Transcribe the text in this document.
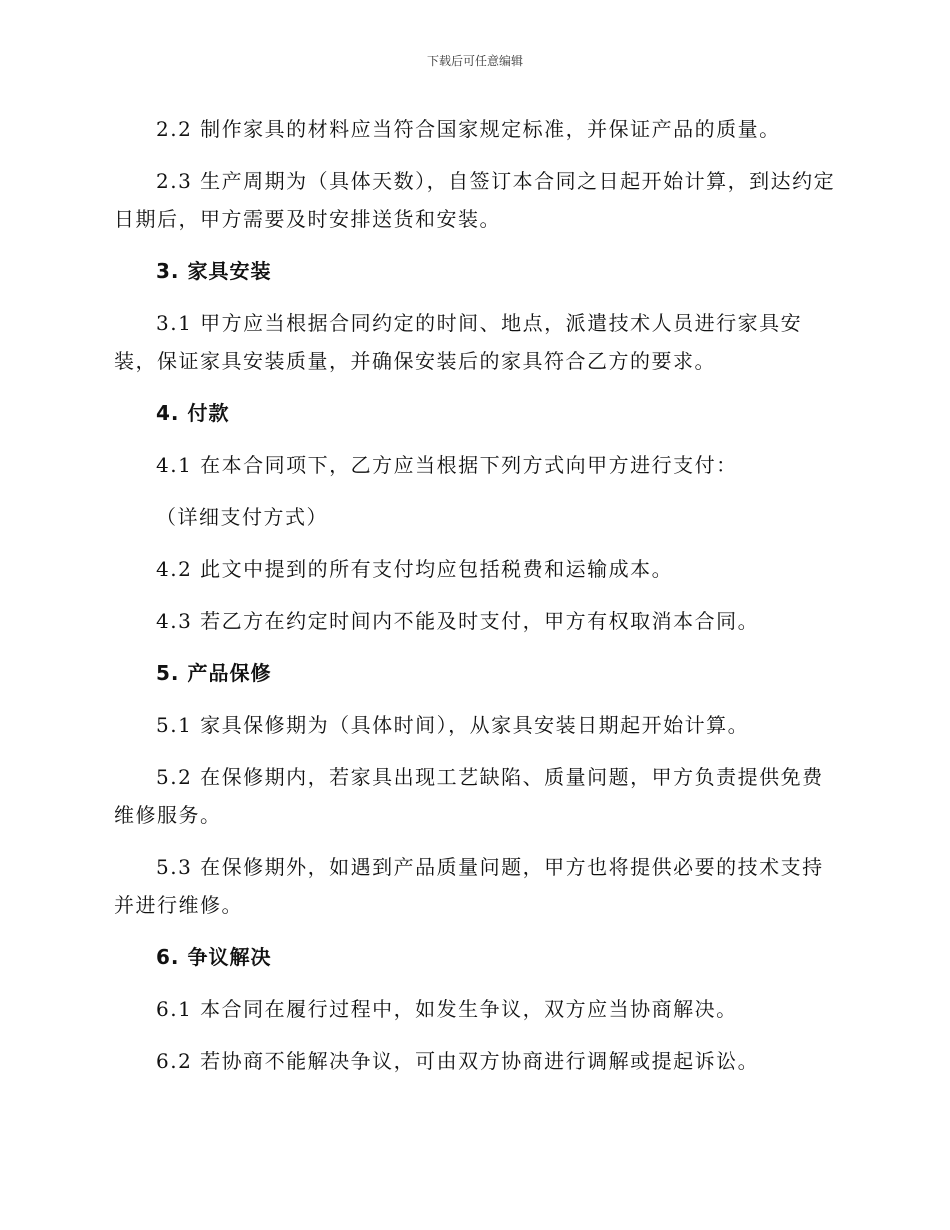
下载后可任意编辑

2.2 制作家具的材料应当符合国家规定标准，并保证产品的质量。

2.3 生产周期为（具体天数），自签订本合同之日起开始计算，到达约定日期后，甲方需要及时安排送货和安装。

3. 家具安装

3.1 甲方应当根据合同约定的时间、地点，派遣技术人员进行家具安装，保证家具安装质量，并确保安装后的家具符合乙方的要求。

4. 付款

4.1 在本合同项下，乙方应当根据下列方式向甲方进行支付：

（详细支付方式）

4.2 此文中提到的所有支付均应包括税费和运输成本。

4.3 若乙方在约定时间内不能及时支付，甲方有权取消本合同。

5. 产品保修

5.1 家具保修期为（具体时间），从家具安装日期起开始计算。

5.2 在保修期内，若家具出现工艺缺陷、质量问题，甲方负责提供免费维修服务。

5.3 在保修期外，如遇到产品质量问题，甲方也将提供必要的技术支持并进行维修。

6. 争议解决

6.1 本合同在履行过程中，如发生争议，双方应当协商解决。

6.2 若协商不能解决争议，可由双方协商进行调解或提起诉讼。
